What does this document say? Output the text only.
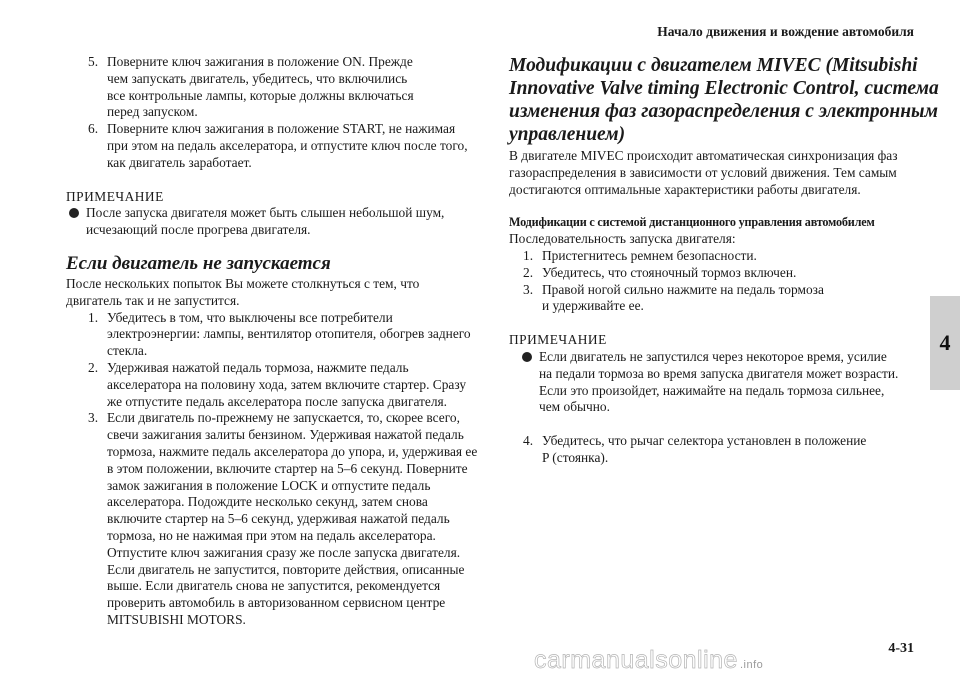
Начало движения и вождение автомобиля
4
5. Поверните ключ зажигания в положение ON. Прежде
чем запускать двигатель, убедитесь, что включились
все контрольные лампы, которые должны включаться
перед запуском.
6. Поверните ключ зажигания в положение START, не нажимая
при этом на педаль акселератора, и отпустите ключ после того,
как двигатель заработает.
ПРИМЕЧАНИЕ
После запуска двигателя может быть слышен небольшой шум,
исчезающий после прогрева двигателя.
Если двигатель не запускается
После нескольких попыток Вы можете столкнуться с тем, что
двигатель так и не запустится.
1. Убедитесь в том, что выключены все потребители
электроэнергии: лампы, вентилятор отопителя, обогрев заднего
стекла.
2. Удерживая нажатой педаль тормоза, нажмите педаль
акселератора на половину хода, затем включите стартер. Сразу
же отпустите педаль акселератора после запуска двигателя.
3. Если двигатель по-прежнему не запускается, то, скорее всего,
свечи зажигания залиты бензином. Удерживая нажатой педаль
тормоза, нажмите педаль акселератора до упора, и, удерживая ее
в этом положении, включите стартер на 5–6 секунд. Поверните
замок зажигания в положение LOCK и отпустите педаль
акселератора. Подождите несколько секунд, затем снова
включите стартер на 5–6 секунд, удерживая нажатой педаль
тормоза, но не нажимая при этом на педаль акселератора.
Отпустите ключ зажигания сразу же после запуска двигателя.
Если двигатель не запустится, повторите действия, описанные
выше. Если двигатель снова не запустится, рекомендуется
проверить автомобиль в авторизованном сервисном центре
MITSUBISHI MOTORS.
Модификации с двигателем MIVEC (Mitsubishi
Innovative Valve timing Electronic Control, система
изменения фаз газораспределения с электронным
управлением)
В двигателе MIVEC происходит автоматическая синхронизация фаз
газораспределения в зависимости от условий движения. Тем самым
достигаются оптимальные характеристики работы двигателя.
Модификации с системой дистанционного управления автомобилем
Последовательность запуска двигателя:
1. Пристегнитесь ремнем безопасности.
2. Убедитесь, что стояночный тормоз включен.
3. Правой ногой сильно нажмите на педаль тормоза
и удерживайте ее.
ПРИМЕЧАНИЕ
Если двигатель не запустился через некоторое время, усилие
на педали тормоза во время запуска двигателя может возрасти.
Если это произойдет, нажимайте на педаль тормоза сильнее,
чем обычно.
4. Убедитесь, что рычаг селектора установлен в положение
P (стоянка).
4-31
carmanualsonline .info
